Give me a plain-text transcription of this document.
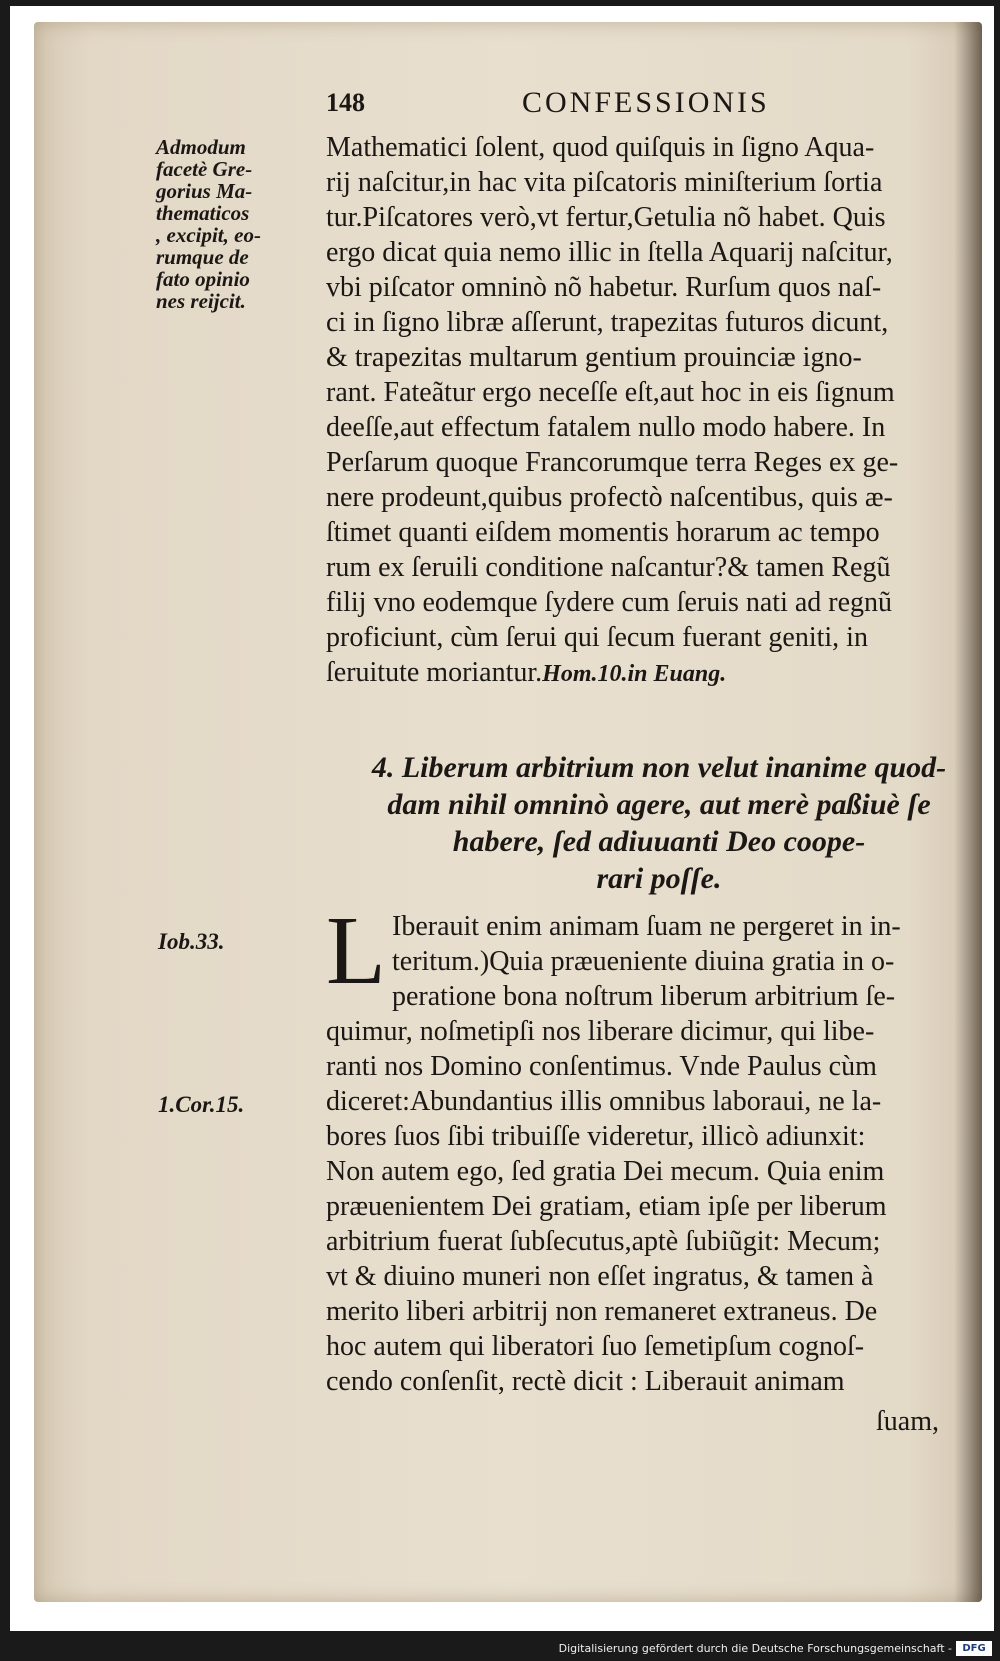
148	CONFESSIONIS
Admodum
facetè Gre-
gorius Ma-
thematicos
, excipit, eo-
rumque de
fato opinio
nes reijcit.
Mathematici ſolent, quod quiſquis in ſigno Aqua-
rij naſcitur,in hac vita piſcatoris miniſterium ſortia
tur.Piſcatores verò,vt fertur,Getulia nõ habet. Quis
ergo dicat quia nemo illic in ſtella Aquarij naſcitur,
vbi piſcator omninò nõ habetur. Rurſum quos naſ-
ci in ſigno libræ aſſerunt, trapezitas futuros dicunt,
& trapezitas multarum gentium prouinciæ igno-
rant. Fateãtur ergo neceſſe eſt,aut hoc in eis ſignum
deeſſe,aut effectum fatalem nullo modo habere. In
Perſarum quoque Francorumque terra Reges ex ge-
nere prodeunt,quibus profectò naſcentibus, quis æ-
ſtimet quanti eiſdem momentis horarum ac tempo
rum ex ſeruili conditione naſcantur?& tamen Regũ
filij vno eodemque ſydere cum ſeruis nati ad regnũ
proficiunt, cùm ſerui qui ſecum fuerant geniti, in
ſeruitute moriantur.Hom.10.in Euang.
4. Liberum arbitrium non velut inanime quod-
dam nihil omninò agere, aut merè paßiuè ſe
habere, ſed adiuuanti Deo coope-
rari poſſe.
Iob.33.
1.Cor.15.
L Iberauit enim animam ſuam ne pergeret in in-
teritum.)Quia præueniente diuina gratia in o-
peratione bona noſtrum liberum arbitrium ſe-
quimur, noſmetipſi nos liberare dicimur, qui libe-
ranti nos Domino conſentimus. Vnde Paulus cùm
diceret:Abundantius illis omnibus laboraui, ne la-
bores ſuos ſibi tribuiſſe videretur, illicò adiunxit:
Non autem ego, ſed gratia Dei mecum. Quia enim
præuenientem Dei gratiam, etiam ipſe per liberum
arbitrium fuerat ſubſecutus,aptè ſubiũgit: Mecum;
vt & diuino muneri non eſſet ingratus, & tamen à
merito liberi arbitrij non remaneret extraneus. De
hoc autem qui liberatori ſuo ſemetipſum cognoſ-
cendo conſenſit, rectè dicit : Liberauit animam
ſuam,
Digitalisierung gefördert durch die Deutsche Forschungsgemeinschaft -	DFG
